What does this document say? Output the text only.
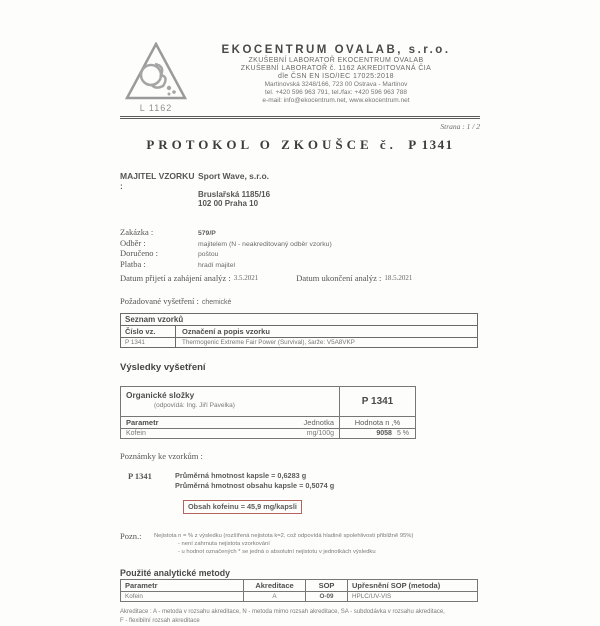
L 1162
EKOCENTRUM OVALAB, s.r.o.
ZKUŠEBNÍ LABORATOŘ EKOCENTRUM OVALAB
ZKUŠEBNÍ LABORATOŘ č. 1162 AKREDITOVANÁ ČIA
dle ČSN EN ISO/IEC 17025:2018
Martinovská 3248/166, 723 00 Ostrava - Martinov
tel. +420 596 963 791, tel./fax: +420 596 963 788
e-mail: info@ekocentrum.net, www.ekocentrum.net
Strana : 1 / 2
PROTOKOL O ZKOUŠCE č. P 1341
MAJITEL VZORKU :
Sport Wave, s.r.o.
Bruslařská 1185/16
102 00 Praha 10
Zakázka :	579/P
Odběr :	majitelem (N - neakreditovaný odběr vzorku)
Doručeno :	poštou
Platba :	hradí majitel
Datum přijetí a zahájení analýz : 3.5.2021	Datum ukončení analýz : 18.5.2021
Požadované vyšetření : chemické
Seznam vzorků
Číslo vz.	Označení a popis vzorku
P 1341	Thermogenic Extreme Fair Power (Survival), šarže: V5A8VKP
Výsledky vyšetření
Organické složky
(odpovídá: Ing. Jiří Pavelka)	P 1341
Parametr	Jednotka	Hodnota n ,%
Kofein	mg/100g	9058 5 %
Poznámky ke vzorkům :
P 1341	Průměrná hmotnost kapsle = 0,6283 g
Průměrná hmotnost obsahu kapsle = 0,5074 g
Obsah kofeinu = 45,9 mg/kapsli
Pozn.:	Nejistota n = % z výsledku (rozšířená nejistota k=2, což odpovídá hladině spolehlivosti přibližně 95%)
- není zahrnuta nejistota vzorkování
- u hodnot označených * se jedná o absolutní nejistotu v jednotkách výsledku
Použité analytické metody
Parametr	Akreditace	SOP	Upřesnění SOP (metoda)
Kofein	A	O-09	HPLC/UV-VIS
Akreditace : A - metoda v rozsahu akreditace, N - metoda mimo rozsah akreditace, SA - subdodávka v rozsahu akreditace,
F - flexibilní rozsah akreditace
